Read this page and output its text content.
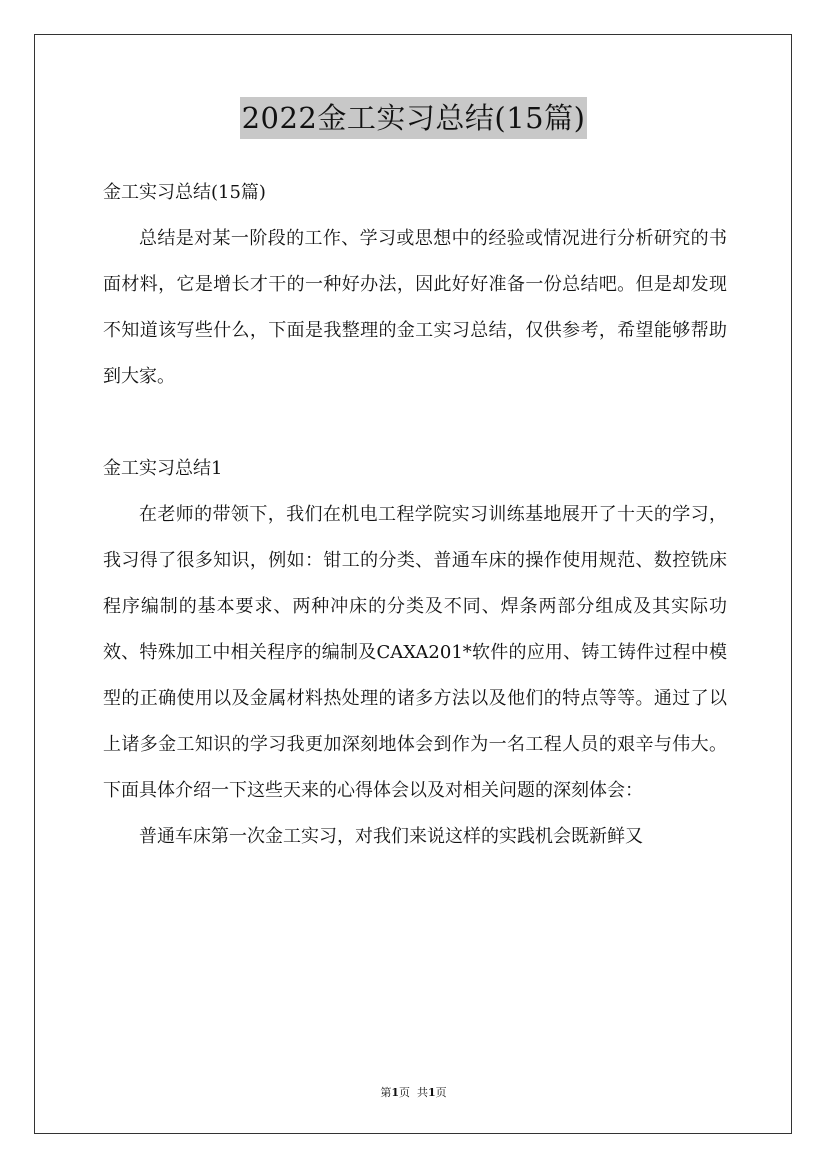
2022金工实习总结(15篇)

金工实习总结(15篇)

总结是对某一阶段的工作、学习或思想中的经验或情况进行分析研究的书面材料，它是增长才干的一种好办法，因此好好准备一份总结吧。但是却发现不知道该写些什么，下面是我整理的金工实习总结，仅供参考，希望能够帮助到大家。

金工实习总结1

在老师的带领下，我们在机电工程学院实习训练基地展开了十天的学习，我习得了很多知识，例如：钳工的分类、普通车床的操作使用规范、数控铣床程序编制的基本要求、两种冲床的分类及不同、焊条两部分组成及其实际功效、特殊加工中相关程序的编制及CAXA201*软件的应用、铸工铸件过程中模型的正确使用以及金属材料热处理的诸多方法以及他们的特点等等。通过了以上诸多金工知识的学习我更加深刻地体会到作为一名工程人员的艰辛与伟大。下面具体介绍一下这些天来的心得体会以及对相关问题的深刻体会：

普通车床第一次金工实习，对我们来说这样的实践机会既新鲜又

第1页 共1页
